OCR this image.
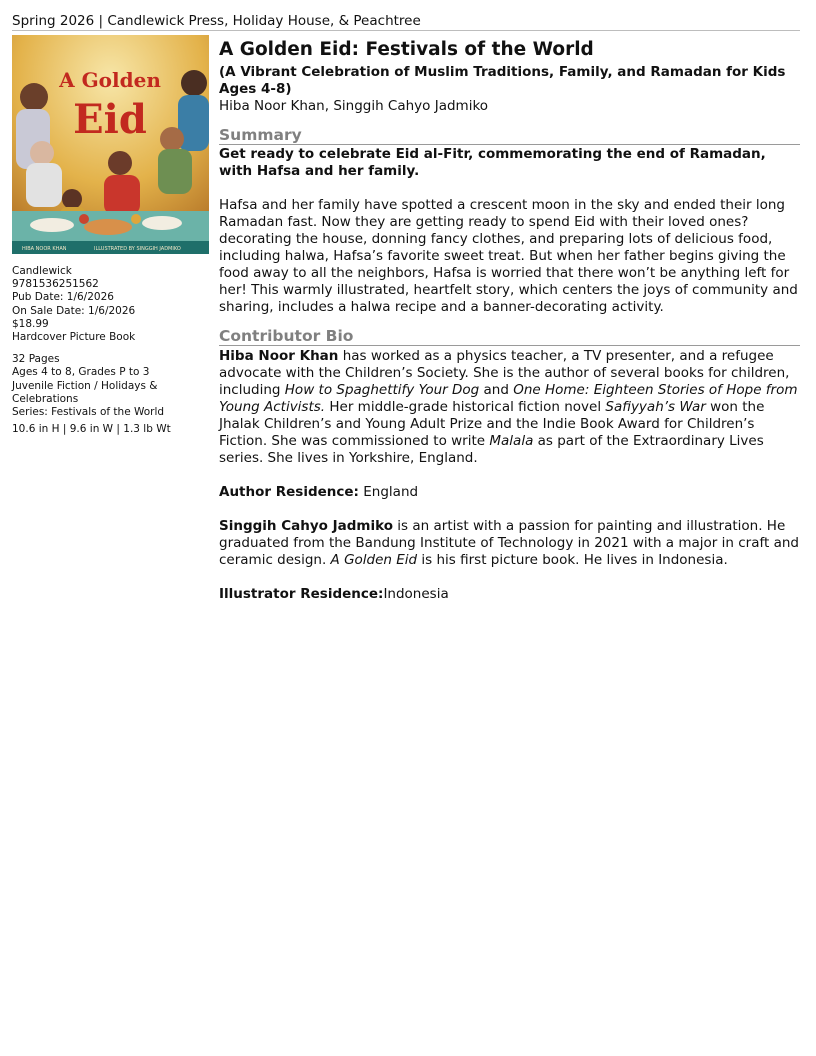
Spring 2026 | Candlewick Press, Holiday House, & Peachtree
A Golden
Eid
HIBA NOOR KHAN	ILLUSTRATED BY SINGGIH JADMIKO
Candlewick
9781536251562
Pub Date: 1/6/2026
On Sale Date: 1/6/2026
$18.99
Hardcover Picture Book
32 Pages
Ages 4 to 8, Grades P to 3
Juvenile Fiction / Holidays & Celebrations
Series: Festivals of the World
10.6 in H | 9.6 in W | 1.3 lb Wt
A Golden Eid: Festivals of the World
(A Vibrant Celebration of Muslim Traditions, Family, and Ramadan for Kids Ages 4-8)
Hiba Noor Khan, Singgih Cahyo Jadmiko
Summary

Get ready to celebrate Eid al-Fitr, commemorating the end of Ramadan, with Hafsa and her family.

Hafsa and her family have spotted a crescent moon in the sky and ended their long Ramadan fast. Now they are getting ready to spend Eid with their loved ones?decorating the house, donning fancy clothes, and preparing lots of delicious food, including halwa, Hafsa’s favorite sweet treat. But when her father begins giving the food away to all the neighbors, Hafsa is worried that there won’t be anything left for her! This warmly illustrated, heartfelt story, which centers the joys of community and sharing, includes a halwa recipe and a banner-decorating activity.

Contributor Bio

Hiba Noor Khan has worked as a physics teacher, a TV presenter, and a refugee advocate with the Children’s Society. She is the author of several books for children, including How to Spaghettify Your Dog and One Home: Eighteen Stories of Hope from Young Activists. Her middle-grade historical fiction novel Safiyyah’s War won the Jhalak Children’s and Young Adult Prize and the Indie Book Award for Children’s Fiction. She was commissioned to write Malala as part of the Extraordinary Lives series. She lives in Yorkshire, England.

Author Residence: England

Singgih Cahyo Jadmiko is an artist with a passion for painting and illustration. He graduated from the Bandung Institute of Technology in 2021 with a major in craft and ceramic design. A Golden Eid is his first picture book. He lives in Indonesia.

Illustrator Residence:Indonesia
